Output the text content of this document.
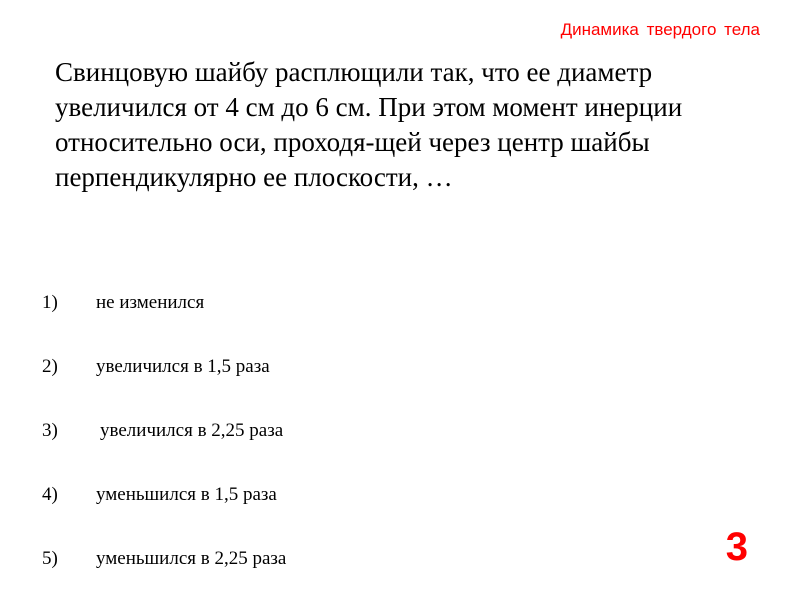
Динамика твердого тела

Свинцовую шайбу расплющили так, что ее диаметр увеличился от 4 см до 6 см. При этом момент инерции относительно оси, проходя-щей через центр шайбы перпендикулярно ее плоскости, …

1)	не изменился
2)	увеличился в 1,5 раза
3)	увеличился в 2,25 раза
4)	уменьшился в 1,5 раза
5)	уменьшился в 2,25 раза	3
